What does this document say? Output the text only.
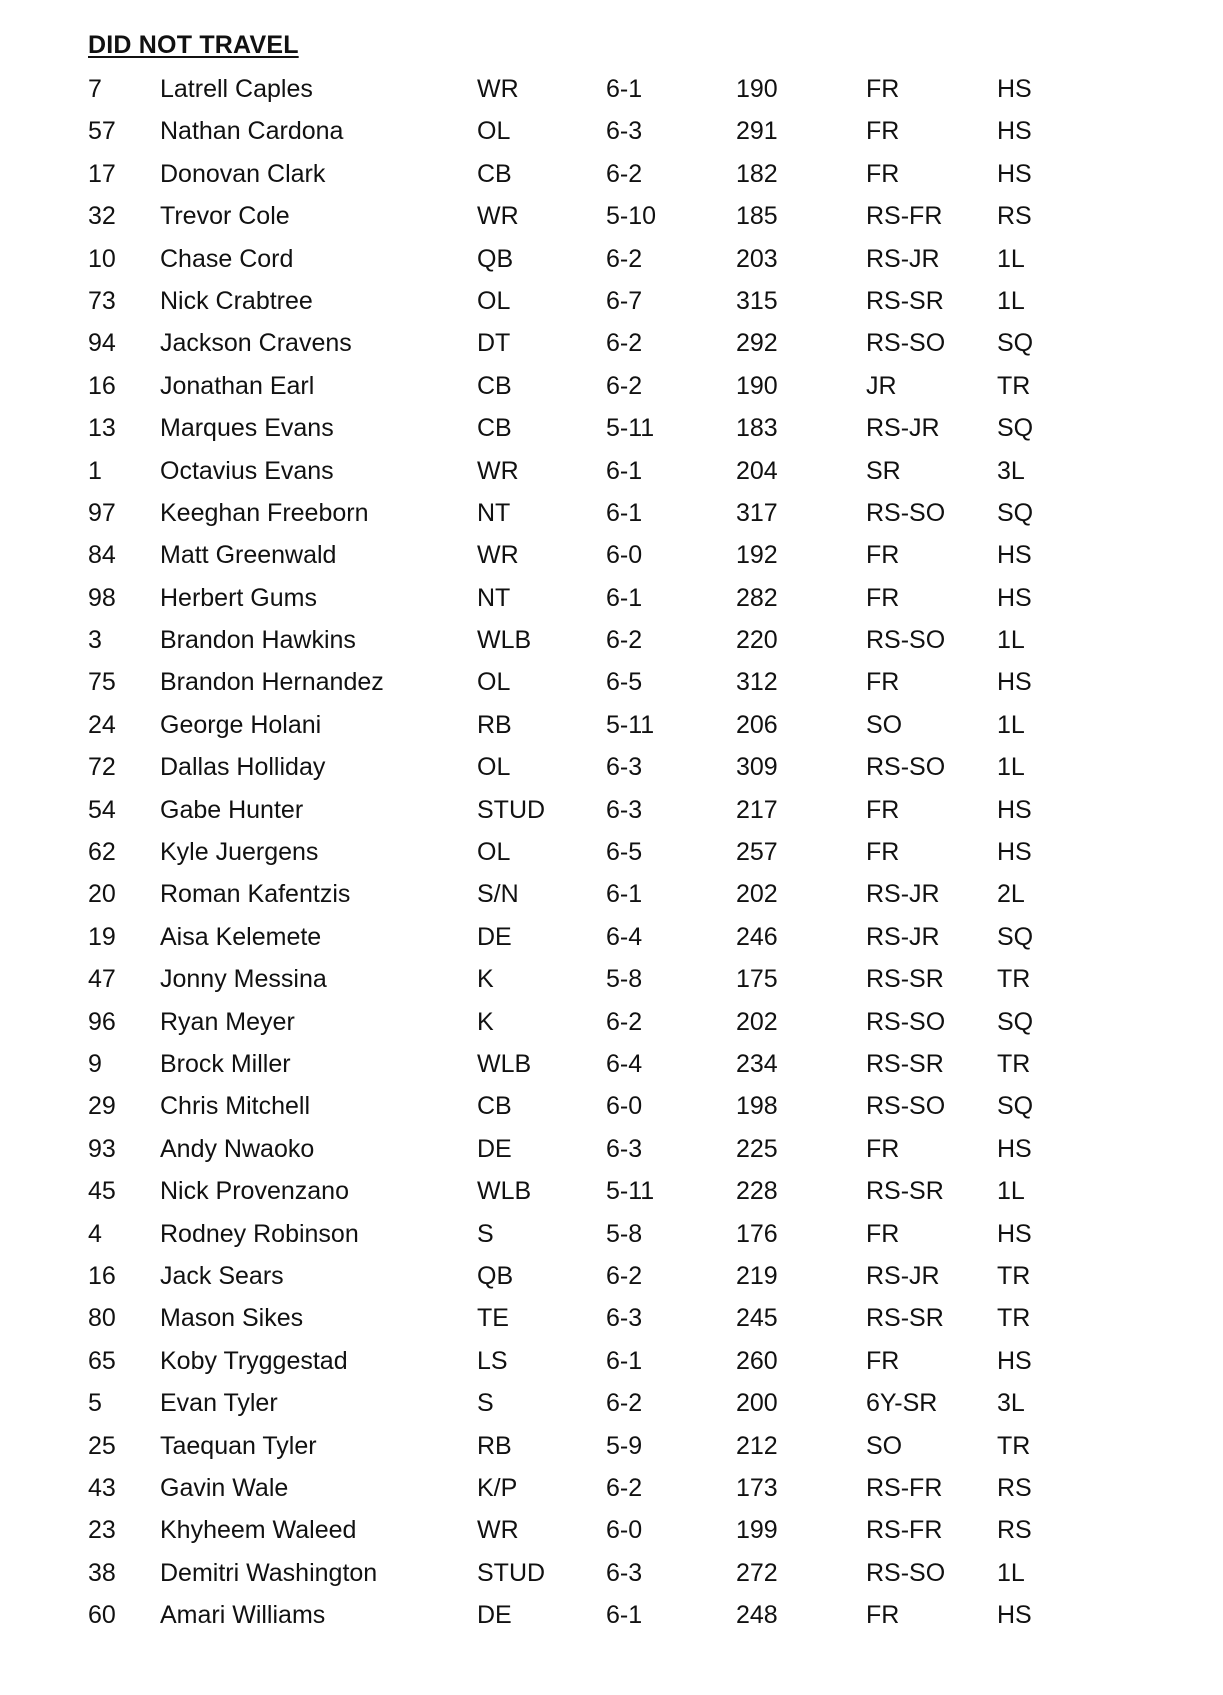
DID NOT TRAVEL
7 Latrell Caples	WR	6-1	190	FR	HS
57 Nathan Cardona	OL	6-3	291	FR	HS
17 Donovan Clark	CB	6-2	182	FR	HS
32 Trevor Cole	WR	5-10	185	RS-FR RS
10 Chase Cord	QB	6-2	203	RS-JR 1L
73 Nick Crabtree	OL	6-7	315	RS-SR 1L
94 Jackson Cravens	DT	6-2	292	RS-SO SQ
16 Jonathan Earl	CB	6-2	190	JR	TR
13 Marques Evans	CB	5-11	183	RS-JR SQ
1 Octavius Evans	WR	6-1	204	SR	3L
97 Keeghan Freeborn	NT	6-1	317	RS-SO SQ
84 Matt Greenwald	WR	6-0	192	FR	HS
98 Herbert Gums	NT	6-1	282	FR	HS
3 Brandon Hawkins	WLB	6-2	220	RS-SO 1L
75 Brandon Hernandez	OL	6-5	312	FR	HS
24 George Holani	RB	5-11	206	SO	1L
72 Dallas Holliday	OL	6-3	309	RS-SO 1L
54 Gabe Hunter	STUD 6-3	217	FR	HS
62 Kyle Juergens	OL	6-5	257	FR	HS
20 Roman Kafentzis	S/N	6-1	202	RS-JR 2L
19 Aisa Kelemete	DE	6-4	246	RS-JR SQ
47 Jonny Messina	K	5-8	175	RS-SR TR
96 Ryan Meyer	K	6-2	202	RS-SO SQ
9 Brock Miller	WLB	6-4	234	RS-SR TR
29 Chris Mitchell	CB	6-0	198	RS-SO SQ
93 Andy Nwaoko	DE	6-3	225	FR	HS
45 Nick Provenzano	WLB	5-11	228	RS-SR 1L
4 Rodney Robinson	S	5-8	176	FR	HS
16 Jack Sears	QB	6-2	219	RS-JR TR
80 Mason Sikes	TE	6-3	245	RS-SR TR
65 Koby Tryggestad	LS	6-1	260	FR	HS
5 Evan Tyler	S	6-2	200	6Y-SR 3L
25 Taequan Tyler	RB	5-9	212	SO	TR
43 Gavin Wale	K/P	6-2	173	RS-FR RS
23 Khyheem Waleed	WR	6-0	199	RS-FR RS
38 Demitri Washington	STUD 6-3	272	RS-SO 1L
60 Amari Williams	DE	6-1	248	FR	HS
